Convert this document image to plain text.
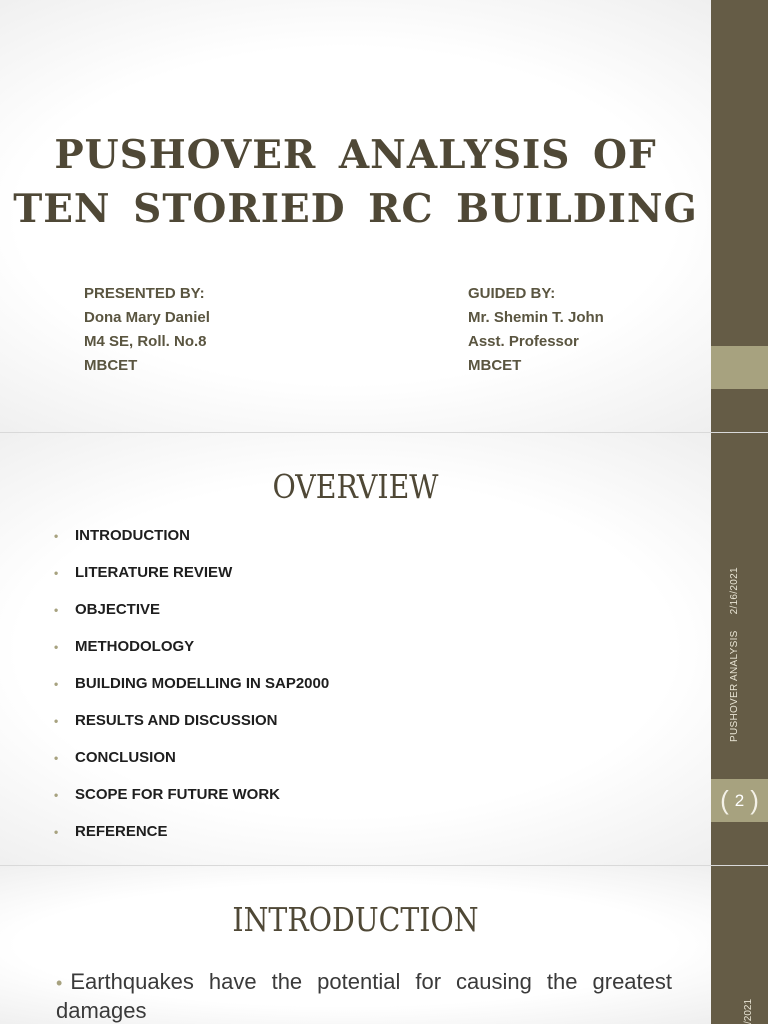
PUSHOVER ANALYSIS OF
TEN STORIED RC BUILDING
PRESENTED BY:
Dona Mary Daniel
M4 SE, Roll. No.8
MBCET
GUIDED BY:
Mr. Shemin T. John
Asst. Professor
MBCET
OVERVIEW
• INTRODUCTION
• LITERATURE REVIEW
• OBJECTIVE
• METHODOLOGY
• BUILDING MODELLING IN SAP2000
• RESULTS AND DISCUSSION
• CONCLUSION
• SCOPE FOR FUTURE WORK
• REFERENCE
PUSHOVER ANALYSIS2/16/2021
( 2 )
INTRODUCTION
• Earthquakes have the potential for causing the greatest damages	/2021
